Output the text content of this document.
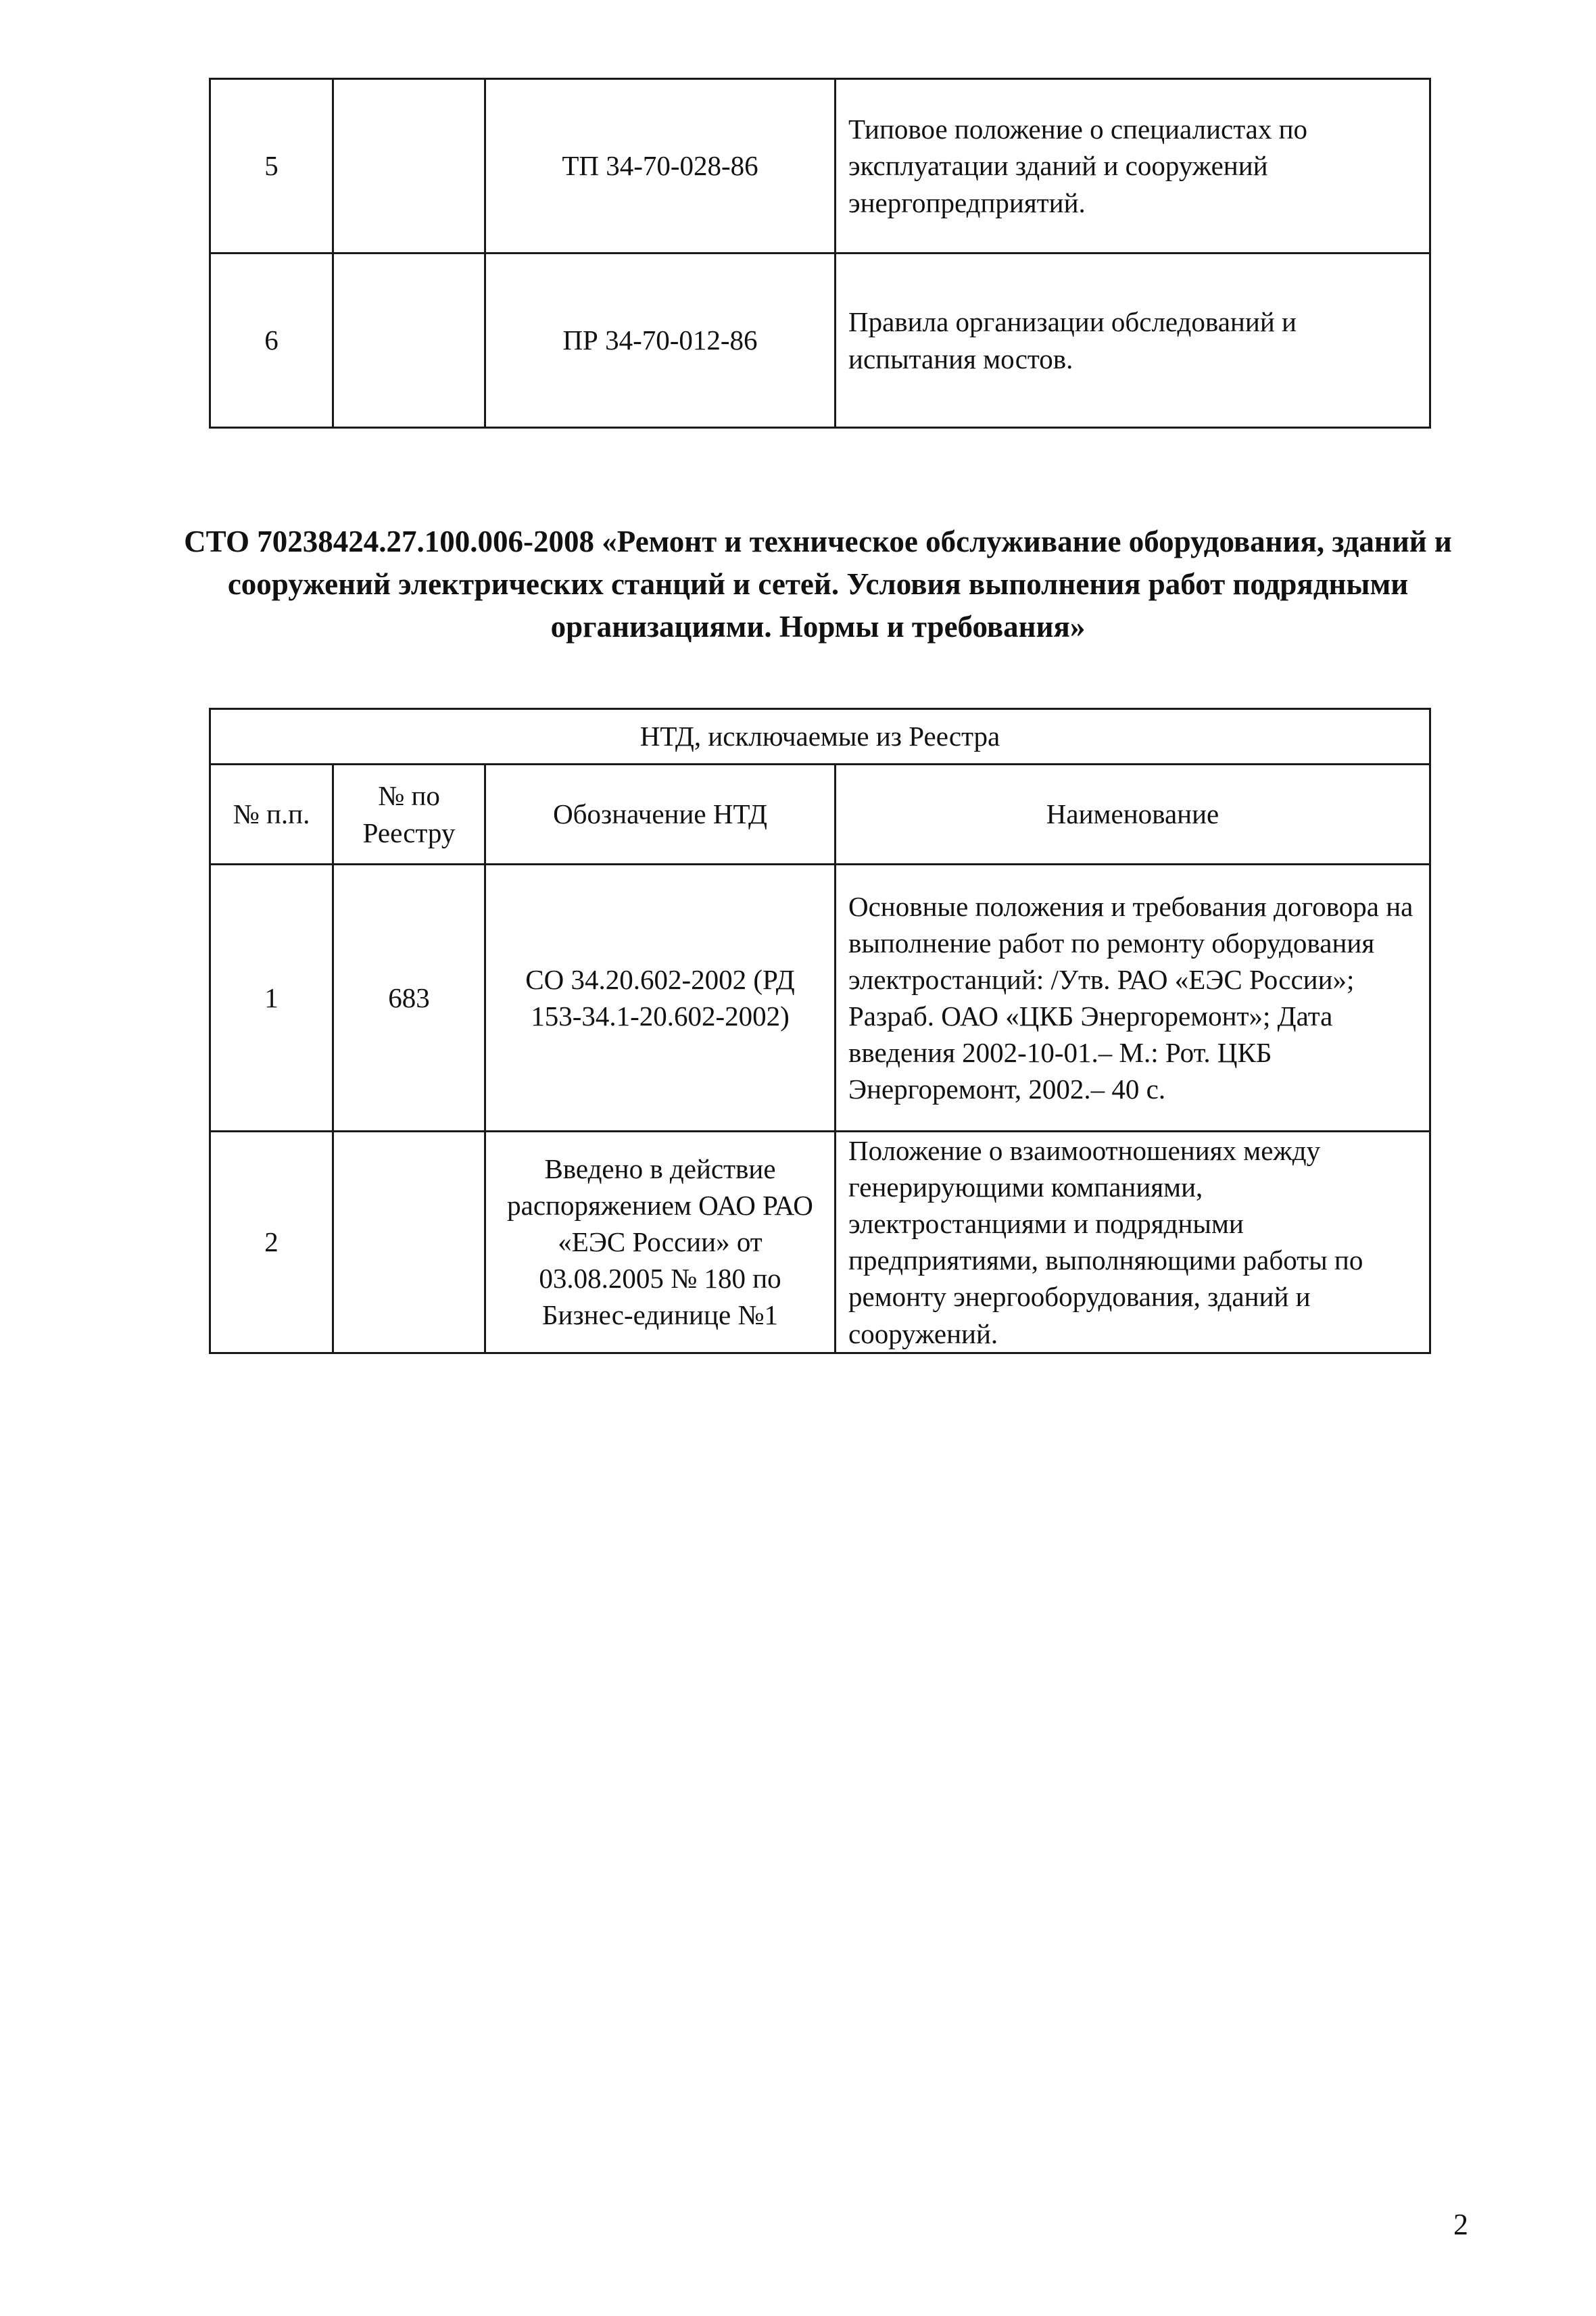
5		ТП 34-70-028-86	Типовое положение о специалистах по эксплуатации зданий и сооружений энергопредприятий.
6		ПР 34-70-012-86	Правила организации обследований и испытания мостов.
СТО 70238424.27.100.006-2008 «Ремонт и техническое обслуживание оборудования, зданий и сооружений электрических станций и сетей. Условия выполнения работ подрядными организациями. Нормы и требования»
НТД, исключаемые из Реестра			
№ п.п.	№ по Реестру	Обозначение НТД	Наименование
1	683	СО 34.20.602-2002 (РД 153-34.1-20.602-2002)	Основные положения и требования договора на выполнение работ по ремонту оборудования электростанций: /Утв. РАО «ЕЭС России»; Разраб. ОАО «ЦКБ Энергоремонт»; Дата введения 2002-10-01.– М.: Рот. ЦКБ Энергоремонт, 2002.– 40 с.
2		Введено в действие распоряжением ОАО РАО «ЕЭС России» от 03.08.2005 № 180 по Бизнес-единице №1	Положение о взаимоотношениях между генерирующими компаниями, электростанциями и подрядными предприятиями, выполняющими работы по ремонту энергооборудования, зданий и сооружений.
2
